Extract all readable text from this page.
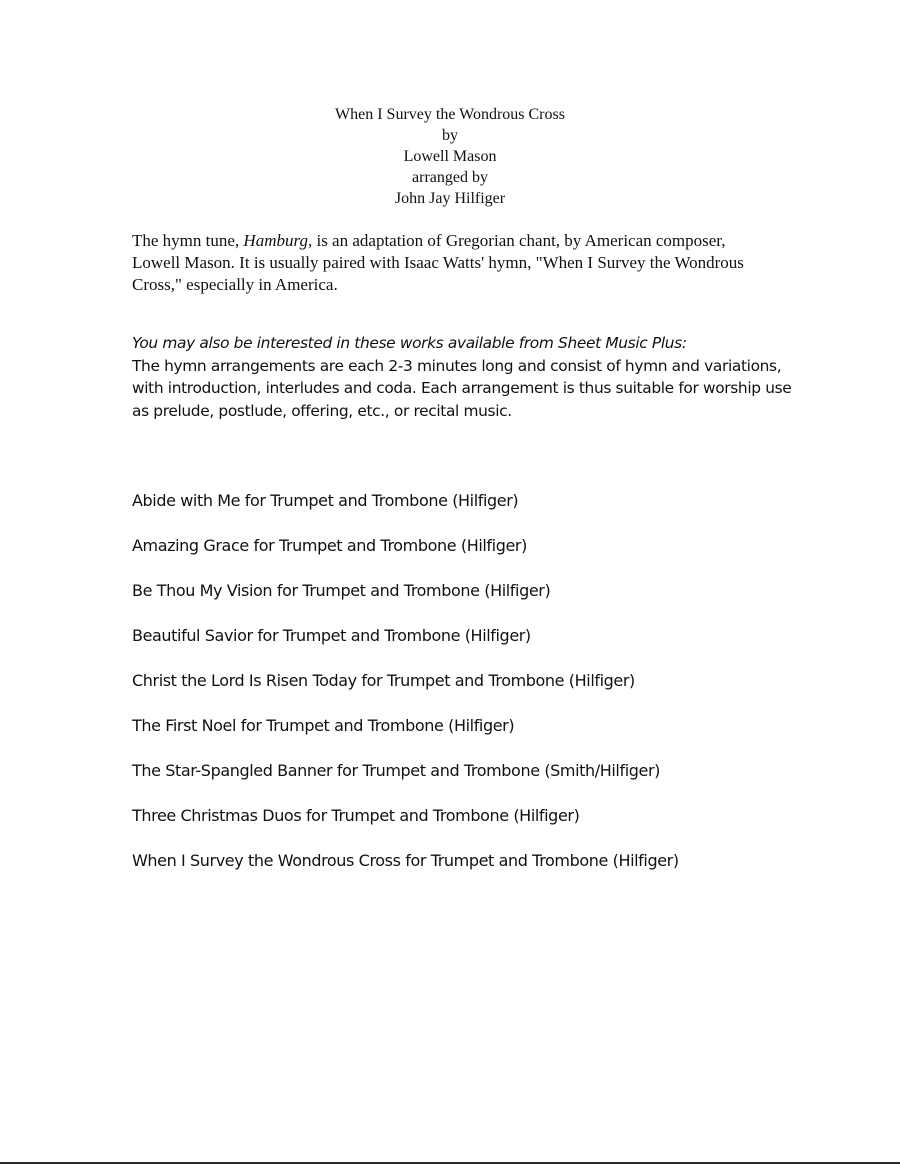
When I Survey the Wondrous Cross
by
Lowell Mason
arranged by
John Jay Hilfiger

The hymn tune, Hamburg, is an adaptation of Gregorian chant, by American composer, Lowell Mason. It is usually paired with Isaac Watts' hymn, "When I Survey the Wondrous Cross," especially in America.

You may also be interested in these works available from Sheet Music Plus:
The hymn arrangements are each 2-3 minutes long and consist of hymn and variations, with introduction, interludes and coda. Each arrangement is thus suitable for worship use as prelude, postlude, offering, etc., or recital music.
Abide with Me for Trumpet and Trombone (Hilfiger)
Amazing Grace for Trumpet and Trombone (Hilfiger)
Be Thou My Vision for Trumpet and Trombone (Hilfiger)
Beautiful Savior for Trumpet and Trombone (Hilfiger)
Christ the Lord Is Risen Today for Trumpet and Trombone (Hilfiger)
The First Noel for Trumpet and Trombone (Hilfiger)
The Star-Spangled Banner for Trumpet and Trombone (Smith/Hilfiger)
Three Christmas Duos for Trumpet and Trombone (Hilfiger)
When I Survey the Wondrous Cross for Trumpet and Trombone (Hilfiger)
